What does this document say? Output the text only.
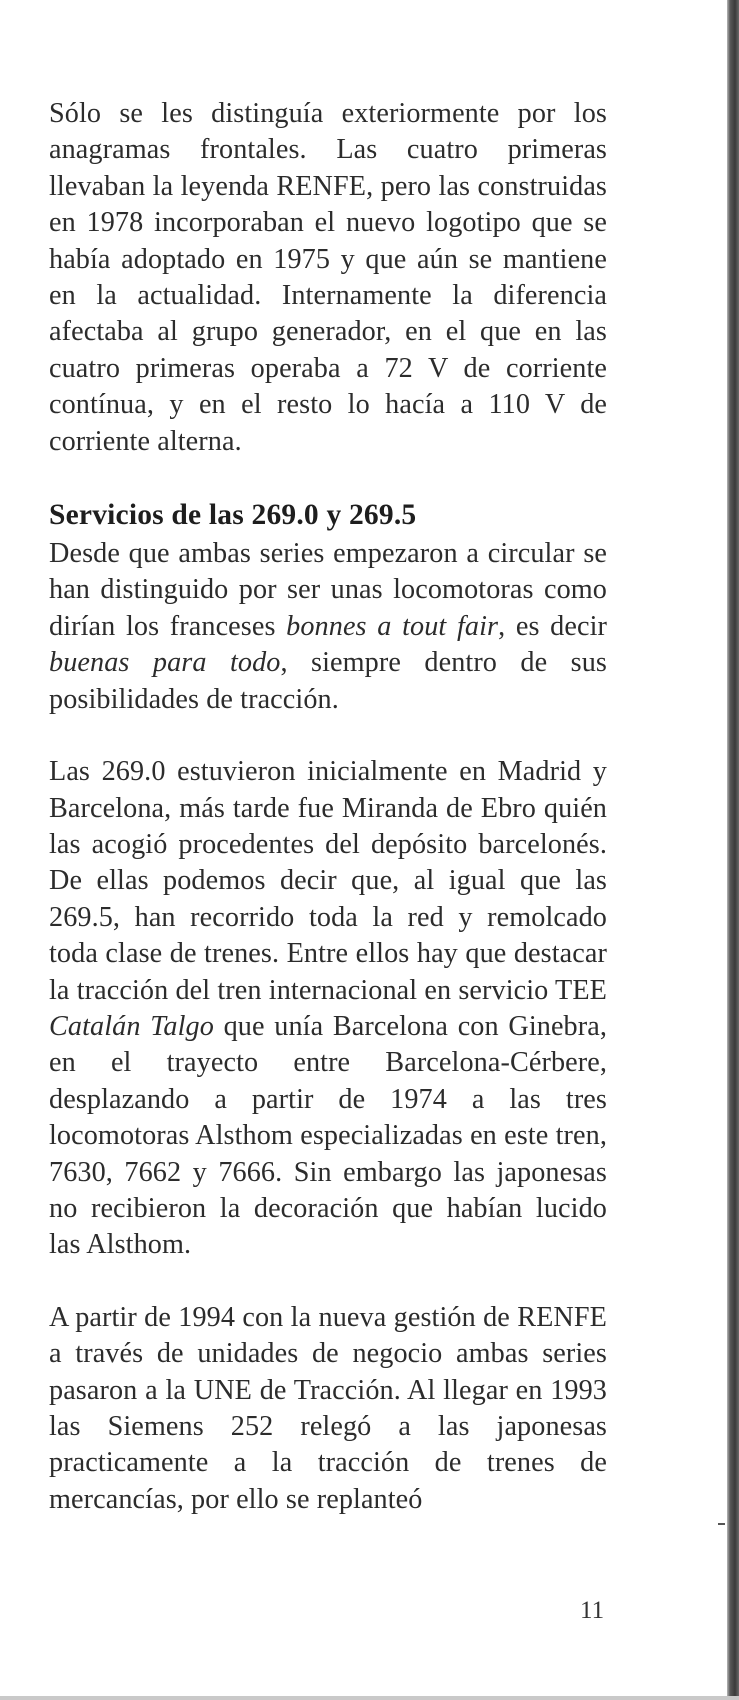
Sólo se les distinguía exteriormente por los anagramas frontales. Las cuatro primeras llevaban la leyenda RENFE, pero las construidas en 1978 incorporaban el nuevo logotipo que se había adoptado en 1975 y que aún se mantiene en la actualidad. Internamente la diferencia afectaba al grupo generador, en el que en las cuatro primeras operaba a 72 V de corriente contínua, y en el resto lo hacía a 110 V de corriente alterna.

Servicios de las 269.0 y 269.5

Desde que ambas series empezaron a circular se han distinguido por ser unas locomotoras como dirían los franceses bonnes a tout fair, es decir buenas para todo, siempre dentro de sus posibilidades de tracción.

Las 269.0 estuvieron inicialmente en Madrid y Barcelona, más tarde fue Miranda de Ebro quién las acogió procedentes del depósito barcelonés. De ellas podemos decir que, al igual que las 269.5, han recorrido toda la red y remolcado toda clase de trenes. Entre ellos hay que destacar la tracción del tren internacional en servicio TEE Catalán Talgo que unía Barcelona con Ginebra, en el trayecto entre Barcelona-Cérbere, desplazando a partir de 1974 a las tres locomotoras Alsthom especializadas en este tren, 7630, 7662 y 7666. Sin embargo las japonesas no recibieron la decoración que habían lucido las Alsthom.

A partir de 1994 con la nueva gestión de RENFE a través de unidades de negocio ambas series pasaron a la UNE de Tracción. Al llegar en 1993 las Siemens 252 relegó a las japonesas practicamente a la tracción de trenes de mercancías, por ello se replanteó

11
